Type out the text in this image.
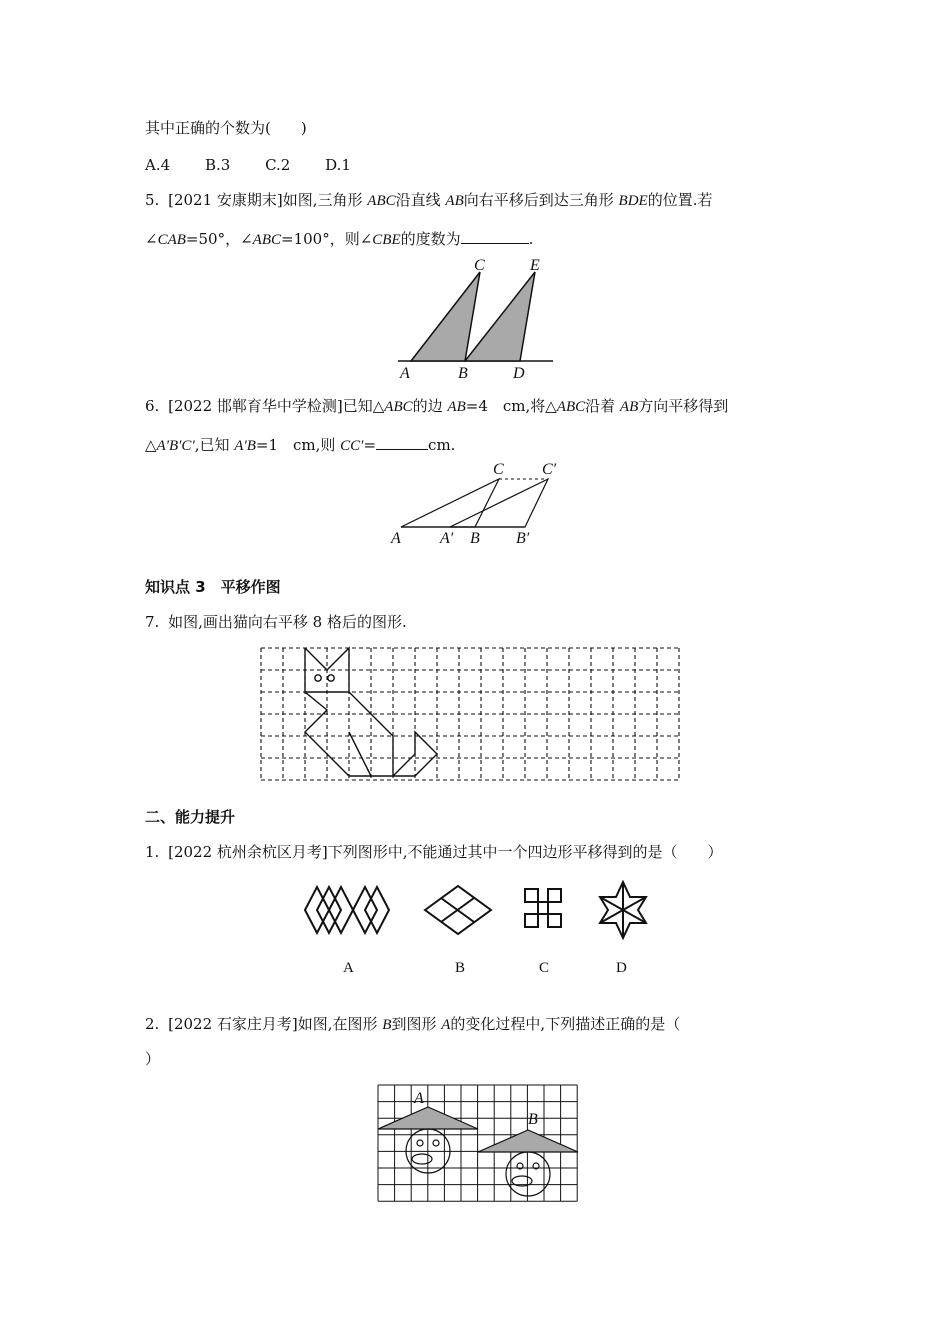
其中正确的个数为(　　)
A.4 B.3 C.2 D.1
5. [2021 安康期末]如图,三角形 ABC沿直线 AB向右平移后到达三角形 BDE的位置.若
∠CAB=50°，∠ABC=100°，则∠CBE的度数为	.
A	B	D
C	E
6. [2022 邯郸育华中学检测]已知△ABC的边 AB=4　cm,将△ABC沿着 AB方向平移得到
△A′B′C′,已知 A′B=1　cm,则 CC′=	cm.
A A′ B B′
C C′
知识点 3　平移作图
7. 如图,画出猫向右平移 8 格后的图形.
二、能力提升
1. [2022 杭州余杭区月考]下列图形中,不能通过其中一个四边形平移得到的是（　　）
A	B	C	D
2. [2022 石家庄月考]如图,在图形 B到图形 A的变化过程中,下列描述正确的是（
）
A
B
